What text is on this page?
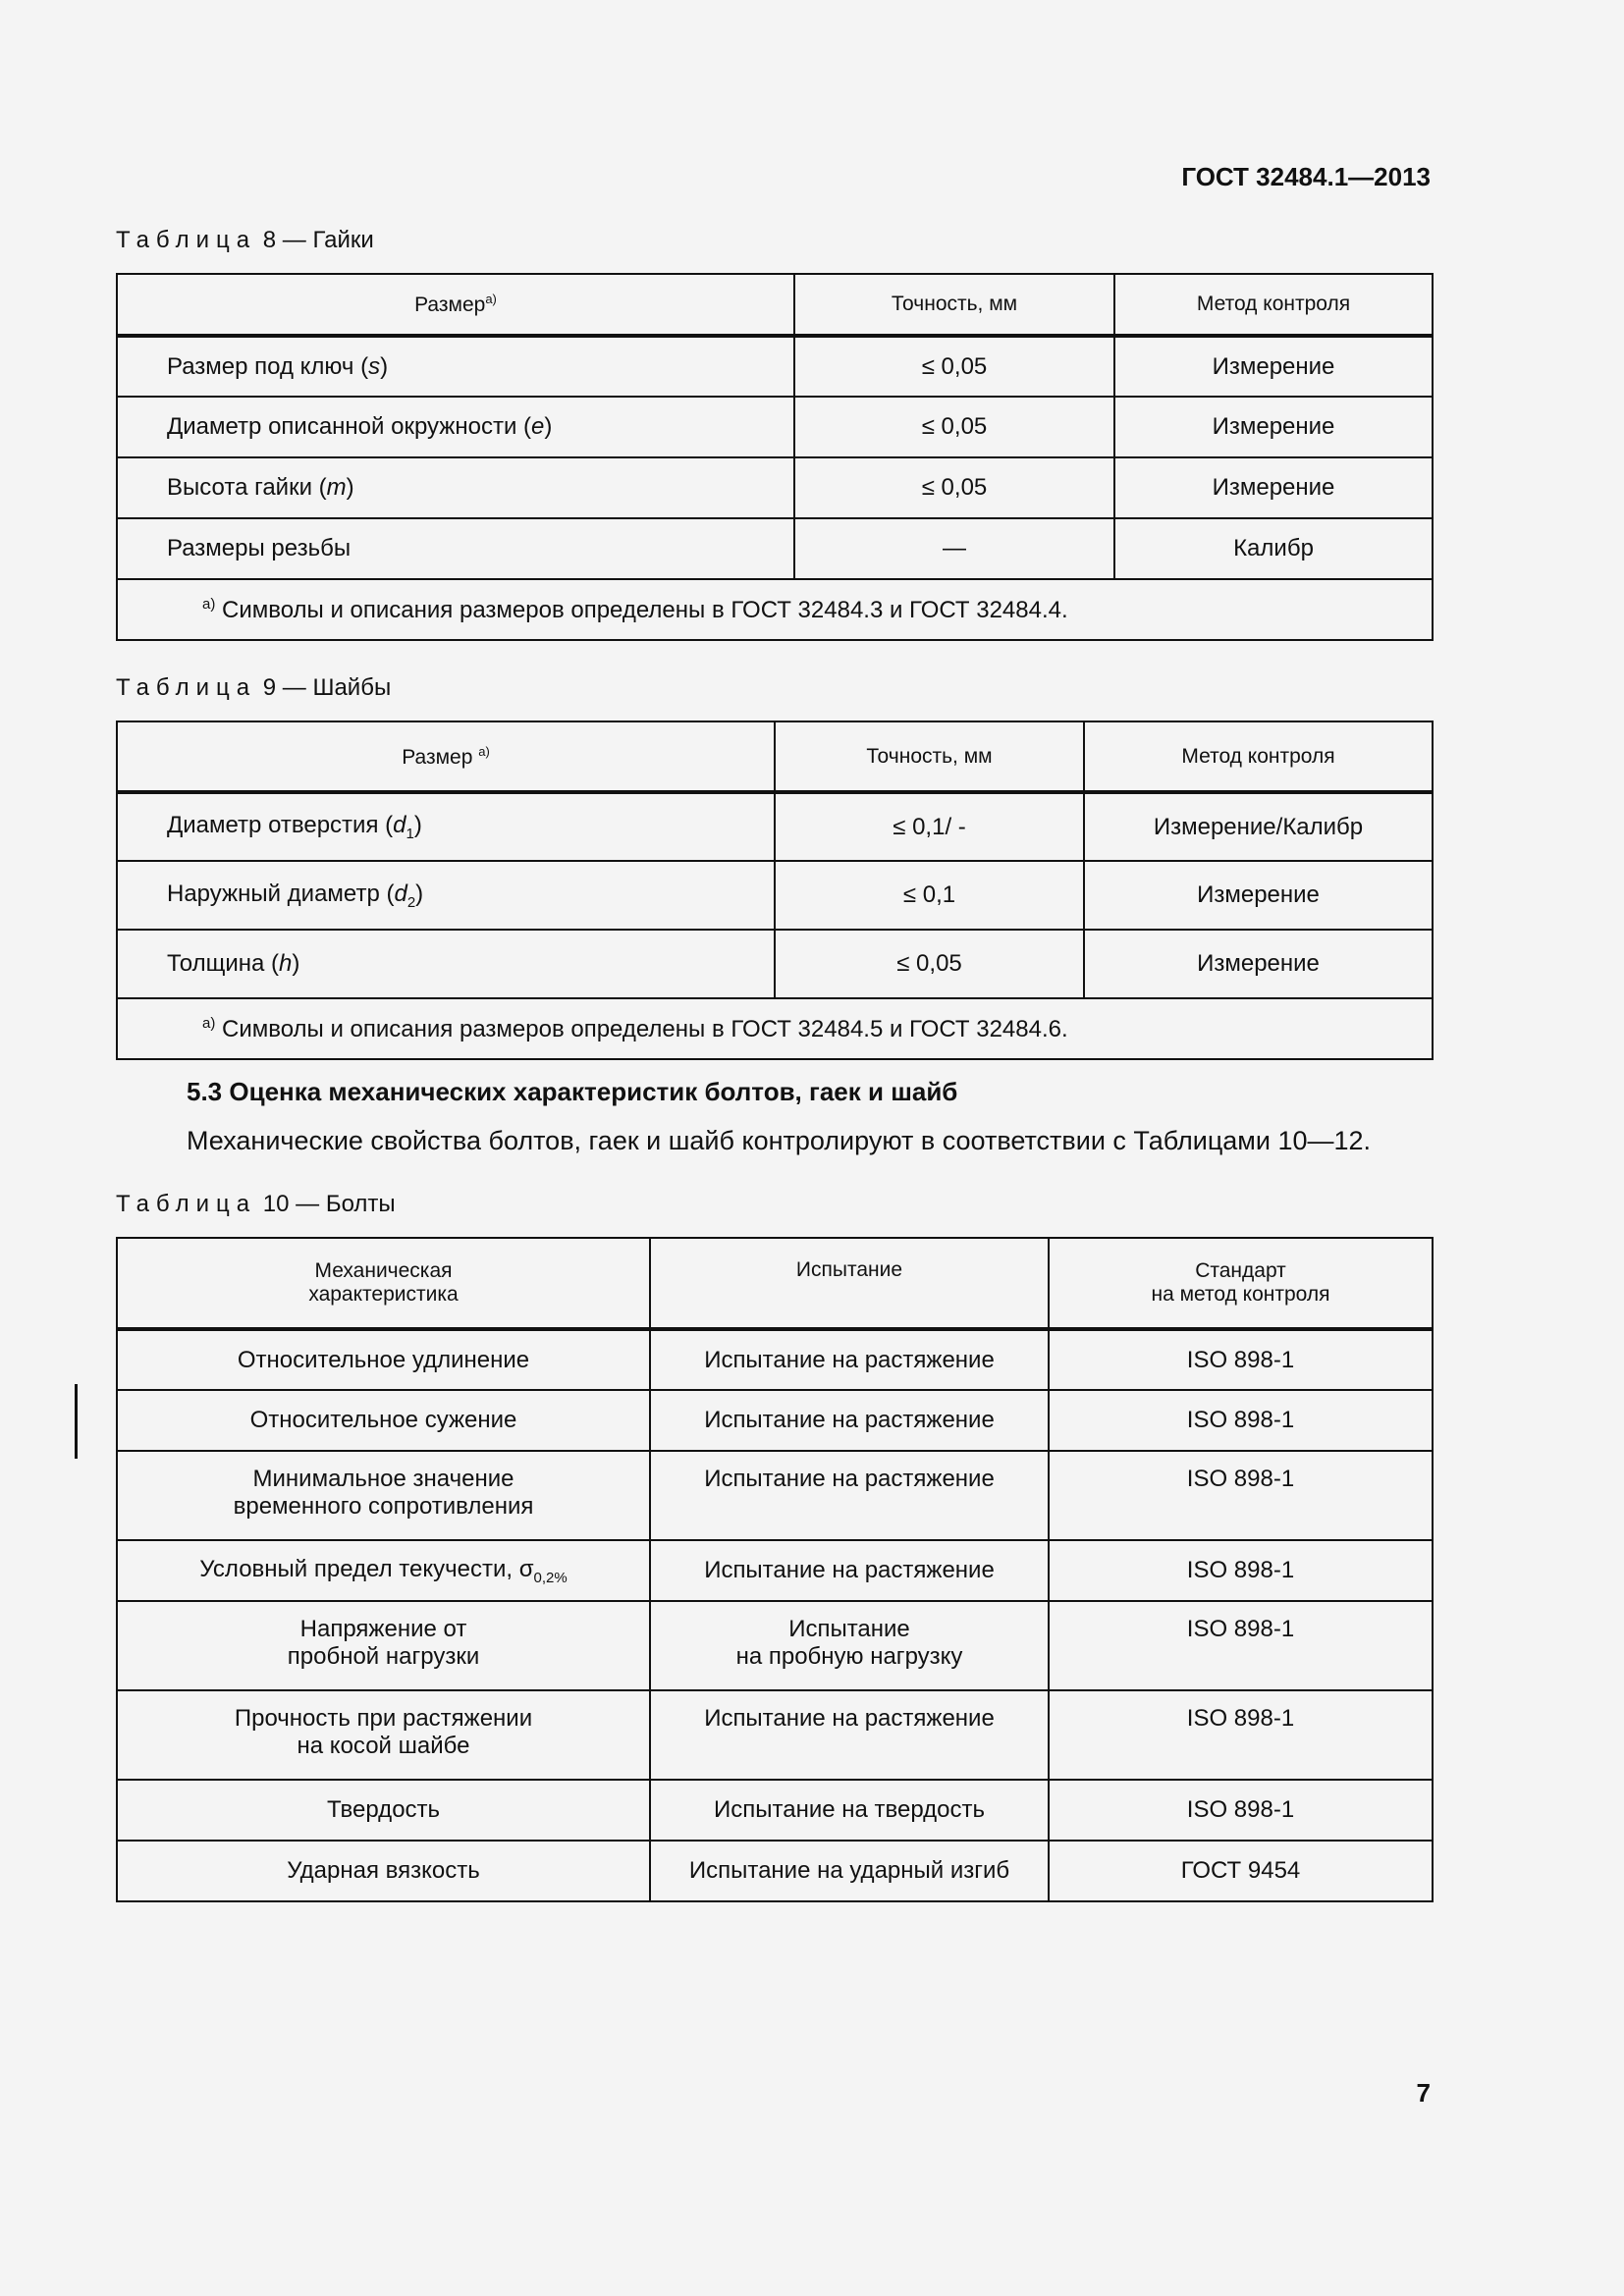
ГОСТ 32484.1—2013
Таблица 8 — Гайки
Размер$^{а)}$	Точность, мм	Метод контроля
Размер под ключ (s)	≤ 0,05	Измерение
Диаметр описанной окружности (e)	≤ 0,05	Измерение
Высота гайки (m)	≤ 0,05	Измерение
Размеры резьбы	—	Калибр
$^{а)}$ Символы и описания размеров определены в ГОСТ 32484.3 и ГОСТ 32484.4.		
Таблица 9 — Шайбы
Размер $^{а)}$	Точность, мм	Метод контроля
Диаметр отверстия $(d_1)$	≤ 0,1/ -	Измерение/Калибр
Наружный диаметр $(d_2)$	≤ 0,1	Измерение
Толщина (h)	≤ 0,05	Измерение
$^{а)}$ Символы и описания размеров определены в ГОСТ 32484.5 и ГОСТ 32484.6.		
5.3 Оценка механических характеристик болтов, гаек и шайб
Механические свойства болтов, гаек и шайб контролируют в соответствии с Таблицами 10—12.
Таблица 10 — Болты
Механическая
характеристика	Испытание	Стандарт
на метод контроля
Относительное удлинение	Испытание на растяжение	ISO 898-1
Относительное сужение	Испытание на растяжение	ISO 898-1
Минимальное значение
временного сопротивления	Испытание на растяжение	ISO 898-1
Условный предел текучести, $\sigma_{0,2\%}$	Испытание на растяжение	ISO 898-1
Напряжение от
пробной нагрузки	Испытание
на пробную нагрузку	ISO 898-1
Прочность при растяжении
на косой шайбе	Испытание на растяжение	ISO 898-1
Твердость	Испытание на твердость	ISO 898-1
Ударная вязкость	Испытание на ударный изгиб	ГОСТ 9454
7
